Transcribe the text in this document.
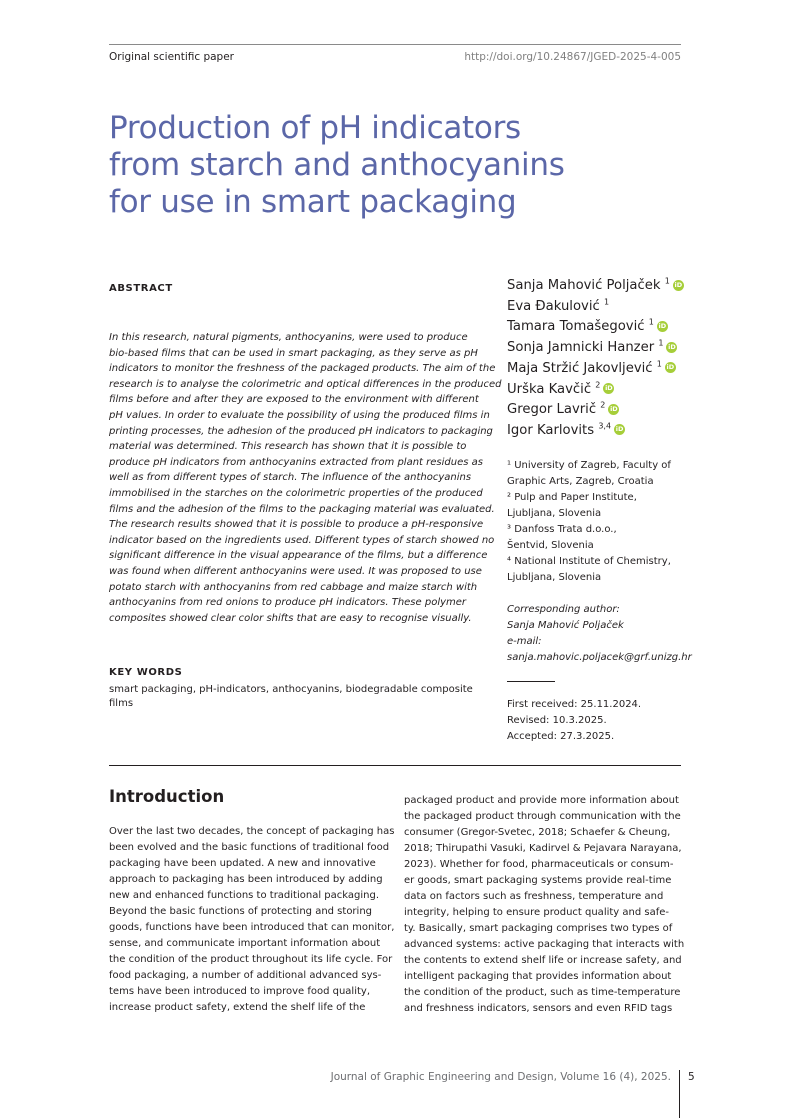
Original scientific paper	http://doi.org/10.24867/JGED-2025-4-005
Production of pH indicators
from starch and anthocyanins
for use in smart packaging
ABSTRACT
In this research, natural pigments, anthocyanins, were used to produce
bio-based films that can be used in smart packaging, as they serve as pH
indicators to monitor the freshness of the packaged products. The aim of the
research is to analyse the colorimetric and optical differences in the produced
films before and after they are exposed to the environment with different
pH values. In order to evaluate the possibility of using the produced films in
printing processes, the adhesion of the produced pH indicators to packaging
material was determined. This research has shown that it is possible to
produce pH indicators from anthocyanins extracted from plant residues as
well as from different types of starch. The influence of the anthocyanins
immobilised in the starches on the colorimetric properties of the produced
films and the adhesion of the films to the packaging material was evaluated.
The research results showed that it is possible to produce a pH-responsive
indicator based on the ingredients used. Different types of starch showed no
significant difference in the visual appearance of the films, but a difference
was found when different anthocyanins were used. It was proposed to use
potato starch with anthocyanins from red cabbage and maize starch with
anthocyanins from red onions to produce pH indicators. These polymer
composites showed clear color shifts that are easy to recognise visually.
KEY WORDS
smart packaging, pH-indicators, anthocyanins, biodegradable composite films
Sanja Mahović Poljaček $^1$ iD
Eva Đakulović $^1$
Tamara Tomašegović $^1$ iD
Sonja Jamnicki Hanzer $^1$ iD
Maja Stržić Jakovljević $^1$ iD
Urška Kavčič $^2$ iD
Gregor Lavrič $^2$ iD
Igor Karlovits $^{3,4}$ iD
¹ University of Zagreb, Faculty of
Graphic Arts, Zagreb, Croatia
² Pulp and Paper Institute,
Ljubljana, Slovenia
³ Danfoss Trata d.o.o.,
Šentvid, Slovenia
⁴ National Institute of Chemistry,
Ljubljana, Slovenia
Corresponding author:
Sanja Mahović Poljaček
e-mail:
sanja.mahovic.poljacek@grf.unizg.hr
First received: 25.11.2024.
Revised: 10.3.2025.
Accepted: 27.3.2025.
Introduction
Over the last two decades, the concept of packaging has
been evolved and the basic functions of traditional food
packaging have been updated. A new and innovative
approach to packaging has been introduced by adding
new and enhanced functions to traditional packaging.
Beyond the basic functions of protecting and storing
goods, functions have been introduced that can monitor,
sense, and communicate important information about
the condition of the product throughout its life cycle. For
food packaging, a number of additional advanced sys-
tems have been introduced to improve food quality,
increase product safety, extend the shelf life of the
packaged product and provide more information about
the packaged product through communication with the
consumer (Gregor-Svetec, 2018; Schaefer & Cheung,
2018; Thirupathi Vasuki, Kadirvel & Pejavara Narayana,
2023). Whether for food, pharmaceuticals or consum-
er goods, smart packaging systems provide real-time
data on factors such as freshness, temperature and
integrity, helping to ensure product quality and safe-
ty. Basically, smart packaging comprises two types of
advanced systems: active packaging that interacts with
the contents to extend shelf life or increase safety, and
intelligent packaging that provides information about
the condition of the product, such as time-temperature
and freshness indicators, sensors and even RFID tags
Journal of Graphic Engineering and Design, Volume 16 (4), 2025. 5
